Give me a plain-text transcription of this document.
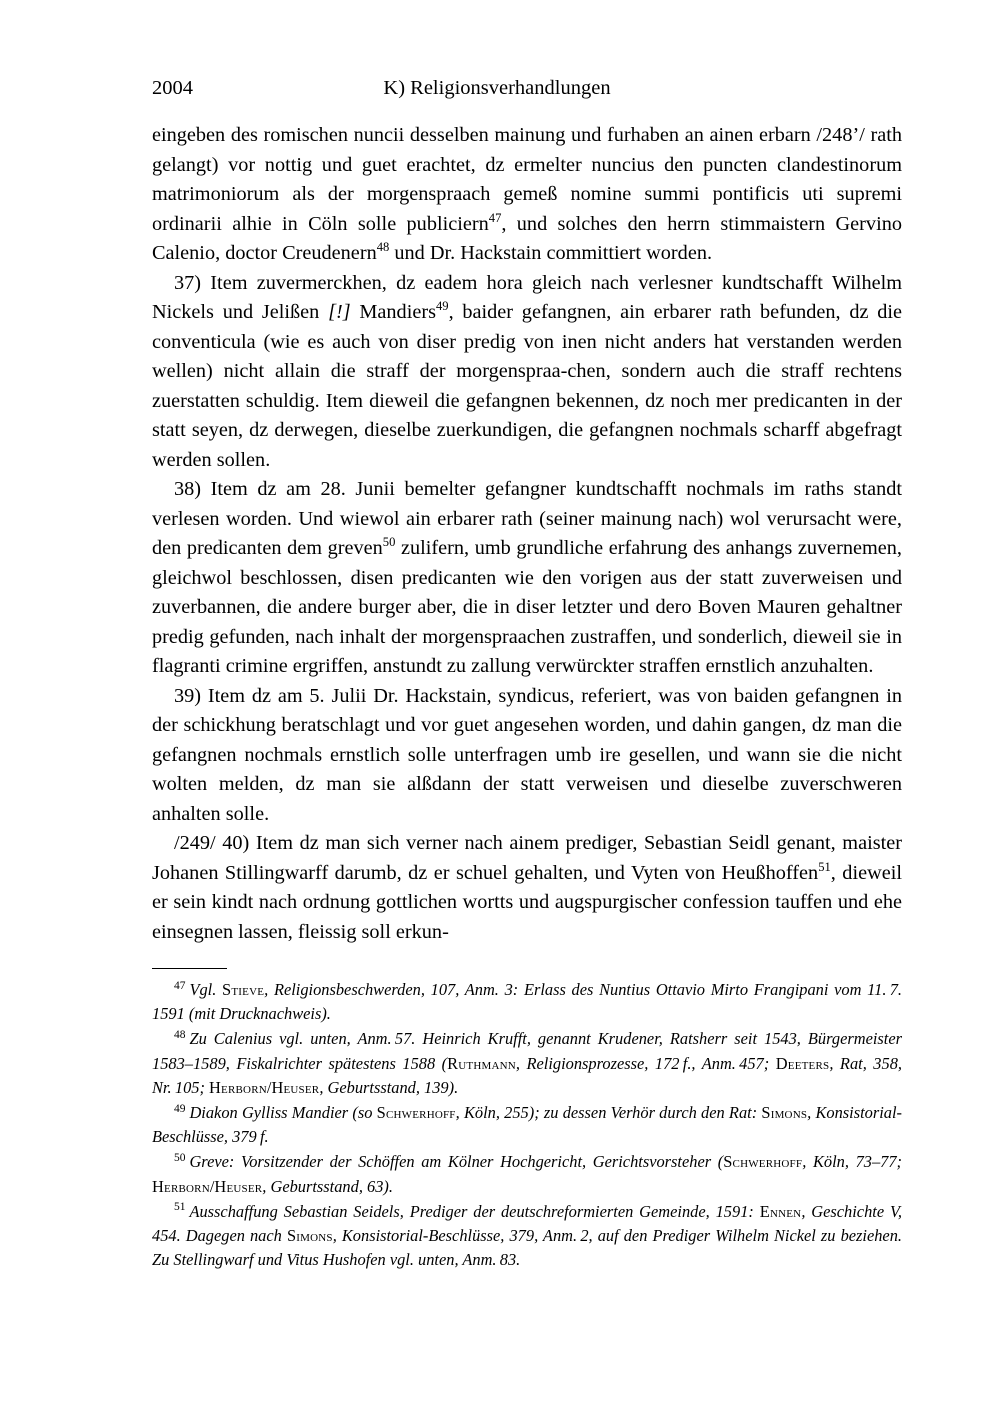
2004	K) Religionsverhandlungen

eingeben des romischen nuncii desselben mainung und furhaben an ainen erbarn /248’/ rath gelangt) vor nottig und guet erachtet, dz ermelter nuncius den puncten clandestinorum matrimoniorum als der morgenspraach gemeß nomine summi pontificis uti supremi ordinarii alhie in Cöln solle publiciern$^{47}$, und solches den herrn stimmaistern Gervino Calenio, doctor Creudenern$^{48}$ und Dr. Hackstain committiert worden.

37) Item zuvermerckhen, dz eadem hora gleich nach verlesner kundtschafft Wilhelm Nickels und Jelißen [!] Mandiers$^{49}$, baider gefangnen, ain erbarer rath befunden, dz die conventicula (wie es auch von diser predig von inen nicht anders hat verstanden werden wellen) nicht allain die straff der morgenspraa-chen, sondern auch die straff rechtens zuerstatten schuldig. Item dieweil die gefangnen bekennen, dz noch mer predicanten in der statt seyen, dz derwegen, dieselbe zuerkundigen, die gefangnen nochmals scharff abgefragt werden sollen.

38) Item dz am 28. Junii bemelter gefangner kundtschafft nochmals im raths standt verlesen worden. Und wiewol ain erbarer rath (seiner mainung nach) wol verursacht were, den predicanten dem greven$^{50}$ zulifern, umb grundliche erfahrung des anhangs zuvernemen, gleichwol beschlossen, disen predicanten wie den vorigen aus der statt zuverweisen und zuverbannen, die andere burger aber, die in diser letzter und dero Boven Mauren gehaltner predig gefunden, nach inhalt der morgenspraachen zustraffen, und sonderlich, dieweil sie in flagranti crimine ergriffen, anstundt zu zallung verwürckter straffen ernstlich anzuhalten.

39) Item dz am 5. Julii Dr. Hackstain, syndicus, referiert, was von baiden gefangnen in der schickhung beratschlagt und vor guet angesehen worden, und dahin gangen, dz man die gefangnen nochmals ernstlich solle unterfragen umb ire gesellen, und wann sie die nicht wolten melden, dz man sie alßdann der statt verweisen und dieselbe zuverschweren anhalten solle.

/249/ 40) Item dz man sich verner nach ainem prediger, Sebastian Seidl genant, maister Johanen Stillingwarff darumb, dz er schuel gehalten, und Vyten von Heußhoffen$^{51}$, dieweil er sein kindt nach ordnung gottlichen wortts und augspurgischer confession tauffen und ehe einsegnen lassen, fleissig soll erkun-

$^{47}$ Vgl. Stieve, Religionsbeschwerden, 107, Anm. 3: Erlass des Nuntius Ottavio Mirto Frangipani vom 11. 7. 1591 (mit Drucknachweis).

$^{48}$ Zu Calenius vgl. unten, Anm. 57. Heinrich Krufft, genannt Krudener, Ratsherr seit 1543, Bürgermeister 1583–1589, Fiskalrichter spätestens 1588 (Ruthmann, Religionsprozesse, 172 f., Anm. 457; Deeters, Rat, 358, Nr. 105; Herborn/Heuser, Geburtsstand, 139).

$^{49}$ Diakon Gylliss Mandier (so Schwerhoff, Köln, 255); zu dessen Verhör durch den Rat: Simons, Konsistorial-Beschlüsse, 379 f.

$^{50}$ Greve: Vorsitzender der Schöffen am Kölner Hochgericht, Gerichtsvorsteher (Schwerhoff, Köln, 73–77; Herborn/Heuser, Geburtsstand, 63).

$^{51}$ Ausschaffung Sebastian Seidels, Prediger der deutschreformierten Gemeinde, 1591: Ennen, Geschichte V, 454. Dagegen nach Simons, Konsistorial-Beschlüsse, 379, Anm. 2, auf den Prediger Wilhelm Nickel zu beziehen. Zu Stellingwarf und Vitus Hushofen vgl. unten, Anm. 83.
